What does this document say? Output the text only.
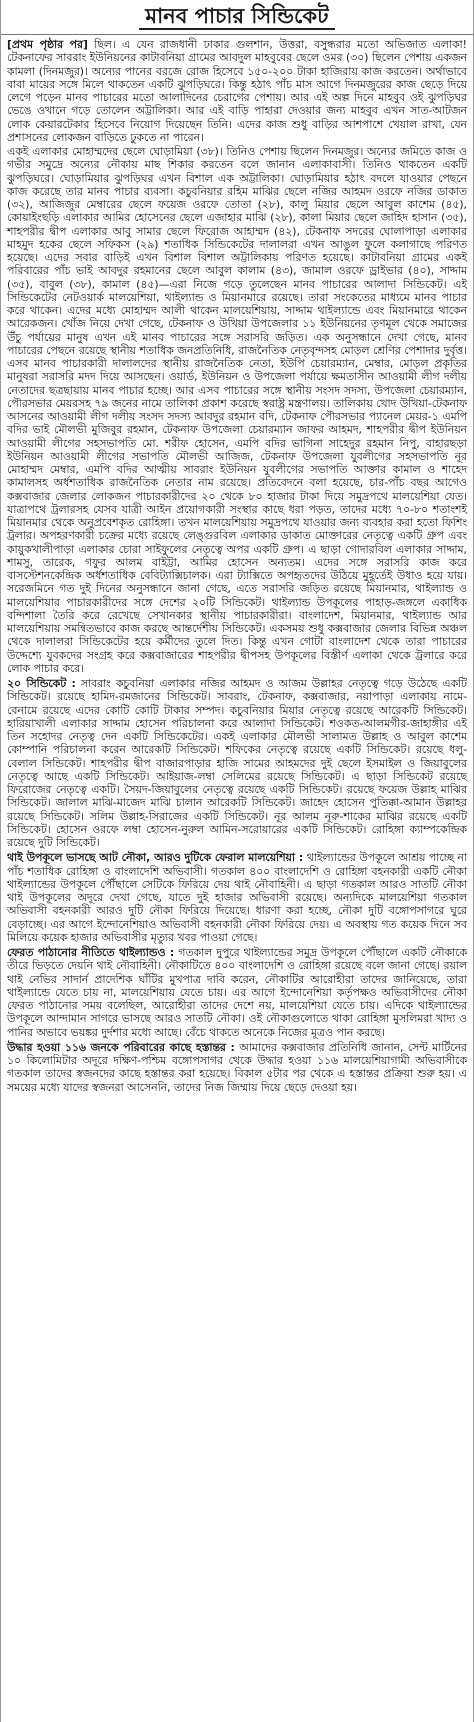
মানব পাচার সিন্ডিকেট

[প্রথম পৃষ্ঠার পর] ছিল। এ যেন রাজধানী ঢাকার গুলশান, উত্তরা, বসুন্ধরার মতো অভিজাত এলাকা! টেকনাফের সাবরাং ইউনিয়নের কাটাবনিয়া গ্রামের আবদুল মাহবুবের ছেলে ওমর (৩০) ছিলেন পেশায় একজন কামলা (দিনমজুর)। অন্যের পানের বরজে রোজ হিসেবে ১৫০-২০০ টাকা হাজিরায় কাজ করতেন। অর্থাভাবে বাবা মায়ের সঙ্গে মিলে থাকতেন একটি ঝুপড়িঘরে। কিন্তু হঠাৎ পাঁচ মাস আগে দিনমজুরের কাজ ছেড়ে দিয়ে লেগে পড়েন মানব পাচারের মতো আলাদিনের চেরাগের পেশায়। আর এই অল্প দিনে মাহবুব ওই ঝুপড়িঘর ভেঙে ওখানে গড়ে তোলেন অট্টালিকা। আর এই বাড়ি পাহারা দেওয়ার জন্য মাহবুব এখন সাত-আটজন লোক কেয়ারটেকার হিসেবে নিয়োগ দিয়েছেন তিনি। এদের কাজ শুধু বাড়ির আশপাশে খেয়াল রাখা, যেন প্রশাসনের লোকজন বাড়িতে ঢুকতে না পারেন।

একই এলাকার মোহাম্মদের ছেলে ঘোড়ামিয়া (৩৮)। তিনিও পেশায় ছিলেন দিনমজুর। অন্যের জমিতে কাজ ও গভীর সমুদ্রে অন্যের নৌকায় মাছ শিকার করতেন বলে জানান এলাকাবাসী। তিনিও থাকতেন একটি ঝুপড়িঘরে। ঘোড়ামিয়ার ঝুপড়িঘর এখন বিশাল এক অট্টালিকা। ঘোড়ামিয়ার হঠাৎ বদলে যাওয়ার পেছনে কাজ করেছে তার মানব পাচার ব্যবসা। কচুবনিয়ার রহিম মাঝির ছেলে নজির আহমদ ওরফে নজির ডাকাত (৩২), আজিজুর মেম্বারের ছেলে ফয়েজ ওরফে তোতা (২৮), কালু মিয়ার ছেলে আবুল কাশেম (৪৫), কোয়াইংছড়ি এলাকার আমির হোসেনের ছেলে এজাহার মাঝি (২৮), কালা মিয়ার ছেলে জাহিদ হাসান (৩৫), শাহপরীর দ্বীপ এলাকার আবু সামার ছেলে ফিরোজ আহাম্মদ (৪২), টেকনাফ সদরের ঘোলাপাড়া এলাকার মাহমুদ হকের ছেলে সফিকস (২৯) শতাধিক সিন্ডিকেটের দালালরা এখন আঙুল ফুলে কলাগাছে পরিণত হয়েছে। এদের সবার বাড়িই এখন বিশাল বিশাল অট্টালিকায় পরিণত হয়েছে। কাটাবনিয়া গ্রামের একই পরিবারের পাঁচ ভাই আবদুর রহমানের ছেলে আবুল কালাম (৪৩), জামাল ওরফে ড্রাইভার (৪০), সাদ্দাম (৩৫), বাবুল (৩৮), কামাল (৪৫)—এরা নিজে গড়ে তুলেছেন মানব পাচারের আলাদা সিন্ডিকেট। এই সিন্ডিকেটের নেটওয়ার্ক মালয়েশিয়া, থাইল্যান্ড ও মিয়ানমারে রয়েছে। তারা সংকেতের মাধ্যমে মানব পাচার করে থাকেন। এদের মধ্যে মোহাম্মদ আলী থাকেন মালয়েশিয়ায়, সাদ্দাম থাইল্যান্ডে এবং মিয়ানমারে থাকেন আরেকজন। খোঁজ নিয়ে দেখা গেছে, টেকনাফ ও উখিয়া উপজেলার ১১ ইউনিয়নের তৃণমূল থেকে সমাজের উঁচু পর্যায়ের মানুষ এখন এই মানব পাচারের সঙ্গে সরাসরি জড়িত। এক অনুসন্ধানে দেখা গেছে, মানব পাচারের পেছনে রয়েছে স্থানীয় শতাধিক জনপ্রতিনিধি, রাজনৈতিক নেতৃবৃন্দসহ মোড়ল শ্রেণির পেশাদার দুর্বৃত্ত। এসব মানব পাচারকারী দালালদের স্থানীয় রাজনৈতিক নেতা, ইউপি চেয়ারম্যান, মেম্বার, মোড়ল প্রকৃতির মানুষরা সরাসরি মদদ দিয়ে আসছেন। ওয়ার্ড, ইউনিয়ন ও উপজেলা পর্যায়ে ক্ষমতাসীন আওয়ামী লীগ দলীয় নেতাদের ছত্রছায়ায় মানব পাচার হচ্ছে। আর এসব পাচারের সঙ্গে স্থানীয় সংসদ সদস্য, উপজেলা চেয়ারম্যান, পৌরসভার মেয়রসহ ৭৯ জনের নামে তালিকা প্রকাশ করেছে স্বরাষ্ট্র মন্ত্রণালয়। তালিকায় খোদ উখিয়া-টেকনাফ আসনের আওয়ামী লীগ দলীয় সংসদ সদস্য আবদুর রহমান বদি, টেকনাফ পৌরসভার প্যানেল মেয়র-১ এমপি বদির ভাই মৌলভী মুজিবুর রহমান, টেকনাফ উপজেলা চেয়ারম্যান জাফর আহমদ, শাহপরীর দ্বীপ ইউনিয়ন আওয়ামী লীগের সহসভাপতি মো. শরীফ হোসেন, এমপি বদির ভাগিনা সাহেদুর রহমান নিপু, বাহারছড়া ইউনিয়ন আওয়ামী লীগের সভাপতি মৌলভী আজিজ, টেকনাফ উপজেলা যুবলীগের সহসভাপতি নূর মোহাম্মদ মেম্বার, এমপি বদির আত্মীয় সাবরাং ইউনিয়ন যুবলীগের সভাপতি আক্তার কামাল ও শাহেদ কামালসহ অর্ধশতাধিক রাজনৈতিক নেতার নাম রয়েছে। প্রতিবেদনে বলা হয়েছে, চার-পাঁচ বছর আগেও কক্সবাজার জেলার লোকজন পাচারকারীদের ২০ থেকে ৮০ হাজার টাকা দিয়ে সমুদ্রপথে মালয়েশিয়া যেত। যাত্রাপথে ট্রলারসহ যেসব যাত্রী আইন প্রয়োগকারী সংস্থার কাছে ধরা পড়ত, তাদের মধ্যে ৭০-৮০ শতাংশই মিয়ানমার থেকে অনুপ্রবেশকৃত রোহিঙ্গা। তখন মালয়েশিয়ায় সমুদ্রপথে যাওয়ার জন্য ব্যবহার করা হতো ফিশিং ট্রলার। অপহরণকারী চক্রের মধ্যে রয়েছে লেঙ্গুরবিল এলাকার ডাকাত মোক্তারের নেতৃত্বে একটি গ্রুপ এবং কায়ুকখালীপাড়া এলাকার চোরা সাইফুলের নেতৃত্বে অপর একটি গ্রুপ। এ ছাড়া গোদারবিল এলাকার সাদ্দাম, শামসু, তারেক, গফুর আলম বাইট্টা, আমির হোসেন অন্যতম। এদের সঙ্গে সরাসরি কাজ করে বাসস্টেশনকেন্দ্রিক অর্ধশতাধিক বেবিট্যাক্সিচালক। এরা ট্যাক্সিতে অপহৃতদের উঠিয়ে মুহূর্তেই উধাও হয়ে যায়। সরেজমিনে গত দুই দিনের অনুসন্ধানে জানা গেছে, এতে সরাসরি জড়িত রয়েছে মিয়ানমার, থাইল্যান্ড ও মালয়েশিয়ার পাচারকারীদের সঙ্গে দেশের ২০টি সিন্ডিকেট। থাইল্যান্ড উপকূলের পাহাড়-জঙ্গলে একাধিক বন্দিশালা তৈরি করে রেখেছে সেখানকার স্থানীয় পাচারকারীরা। বাংলাদেশ, মিয়ানমার, থাইল্যান্ড আর মালয়েশিয়ায় সমন্বিতভাবে কাজ করছে আন্তর্দেশীয় সিন্ডিকেট। একসময় শুধু কক্সবাজার জেলার বিভিন্ন অঞ্চল থেকে দালালরা সিন্ডিকেটের হয়ে কর্মীদের তুলে দিত। কিন্তু এখন গোটা বাংলাদেশ থেকে তারা পাচারের উদ্দেশ্যে যুবকদের সংগ্রহ করে কক্সবাজারের শাহপরীর দ্বীপসহ উপকূলের বিস্তীর্ণ এলাকা থেকে ট্রলারে করে লোক পাচার করে।

২০ সিন্ডিকেট : সাবরাং কচুবনিয়া এলাকার নজির আহমদ ও আজম উল্লাহর নেতৃত্বে গড়ে উঠেছে একটি সিন্ডিকেট। রয়েছে হামিদ-রমজানের সিন্ডিকেট। সাবরাং, টেকনাফ, কক্সবাজার, নয়াপাড়া এলাকায় নামে-বেনামে রয়েছে এদের কোটি কোটি টাকার সম্পদ। কচুবনিয়ার মিয়ার নেতৃত্বে রয়েছে আরেকটি সিন্ডিকেট। হারিয়াখালী এলাকার সাদ্দাম হোসেন পরিচালনা করে আলাদা সিন্ডিকেট। শওকত-আলমগীর-জাহাঙ্গীর এই তিন সহোদর নেতৃত্ব দেন একটি সিন্ডিকেটের। একই এলাকার মৌলভী সালামত উল্লাহ ও আবুল কাশেম কোম্পানি পরিচালনা করেন আরেকটি সিন্ডিকেট। শফিকের নেতৃত্বে রয়েছে একটি সিন্ডিকেট। রয়েছে ধলু-বেলাল সিন্ডিকেট। শাহপরীর দ্বীপ বাজারপাড়ার হাজি সামের আহমদের দুই ছেলে ইসমাইল ও জিয়াবুলের নেতৃত্বে আছে একটি সিন্ডিকেট। আইয়াজ-লম্বা সেলিমের রয়েছে সিন্ডিকেট। এ ছাড়া সিন্ডিকেট রয়েছে ফিরোজের নেতৃত্বে একটি। সৈয়দ-জিয়াবুলের নেতৃত্বে রয়েছে একটি সিন্ডিকেট। রয়েছে ফয়েজ উল্লাহ মাঝির সিন্ডিকেট। জালাল মাঝি-মাজেদ মাঝি চালান আরেকটি সিন্ডিকেট। জাহেদ হোসেন পুতিক্কা-আমান উল্লাহর রয়েছে সিন্ডিকেট। সলিম উল্লাহ-সিরাজের একটি সিন্ডিকেট। নূর আলম নূরু-শাকের মাঝির রয়েছে একটি সিন্ডিকেট। হোসেন ওরফে লম্বা হোসেন-নুরুল আমিন-সরোয়ারের একটি সিন্ডিকেট। রোহিঙ্গা ক্যাম্পকেন্দ্রিক রয়েছে দুটি সিন্ডিকেট।

থাই উপকূলে ভাসছে আট নৌকা, আরও দুটিকে ফেরাল মালয়েশিয়া : থাইল্যান্ডের উপকূলে আশ্রয় পাচ্ছে না পাঁচ শতাধিক রোহিঙ্গা ও বাংলাদেশি অভিবাসী। গতকাল ৪০০ বাংলাদেশি ও রোহিঙ্গা বহনকারী একটি নৌকা থাইল্যান্ডের উপকূলে পৌঁছালে সেটিকে ফিরিয়ে দেয় থাই নৌবাহিনী। এ ছাড়া গতকাল আরও সাতটি নৌকা থাই উপকূলের অদূরে দেখা গেছে, যাতে দুই হাজার অভিবাসী রয়েছে। অন্যদিকে মালয়েশিয়া গতকাল অভিবাসী বহনকারী আরও দুটি নৌকা ফিরিয়ে দিয়েছে। ধারণা করা হচ্ছে, নৌকা দুটি বঙ্গোপসাগরে ঘুরে বেড়াচ্ছে। এর আগে ইন্দোনেশিয়াও অভিবাসী বহনকারী নৌকা ফিরিয়ে দেয়। এ অবস্থায় গত কয়েক দিনে সব মিলিয়ে কয়েক হাজার অভিবাসীর মৃত্যুর খবর পাওয়া গেছে।

ফেরত পাঠানোর নীতিতে থাইল্যান্ডও : গতকাল দুপুরে থাইল্যান্ডের সমুদ্র উপকূলে পৌঁছালে একটি নৌকাকে তীরে ভিড়তে দেয়নি থাই নৌবাহিনী। নৌকাটিতে ৪০০ বাংলাদেশি ও রোহিঙ্গা রয়েছে বলে জানা গেছে। রয়াল থাই নেভির সাদার্ন প্রাদেশিক ঘাঁটির মুখপাত্র দাবি করেন, নৌকাটির আরোহীরা তাদের জানিয়েছে, তারা থাইল্যান্ডে যেতে চায় না, মালয়েশিয়ায় যেতে চায়। এর আগে ইন্দোনেশিয়া কর্তৃপক্ষও অভিবাসীদের নৌকা ফেরত পাঠানোর সময় বলেছিল, আরোহীরা তাদের দেশে নয়, মালয়েশিয়া যেতে চায়। এদিকে থাইল্যান্ডের উপকূলে আন্দামান সাগরে ভাসছে আরও সাতটি নৌকা। ওই নৌকাগুলোতে থাকা রোহিঙ্গা মুসলিমরা খাদ্য ও পানির অভাবে ভয়ঙ্কর দুর্দশার মধ্যে আছে। বেঁচে থাকতে অনেকে নিজের মূত্রও পান করছে।

উদ্ধার হওয়া ১১৬ জনকে পরিবারের কাছে হস্তান্তর : আমাদের কক্সবাজার প্রতিনিধি জানান, সেন্ট মার্টিনের ১০ কিলোমিটার অদূরে দক্ষিণ-পশ্চিম বঙ্গোপসাগর থেকে উদ্ধার হওয়া ১১৬ মালয়েশিয়াগামী অভিবাসীকে গতকাল তাদের স্বজনদের কাছে হস্তান্তর করা হয়েছে। বিকাল ৫টার পর থেকে এ হস্তান্তর প্রক্রিয়া শুরু হয়। এ সময়ের মধ্যে যাদের স্বজনরা আসেননি, তাদের নিজ জিম্মায় দিয়ে ছেড়ে দেওয়া হয়।
